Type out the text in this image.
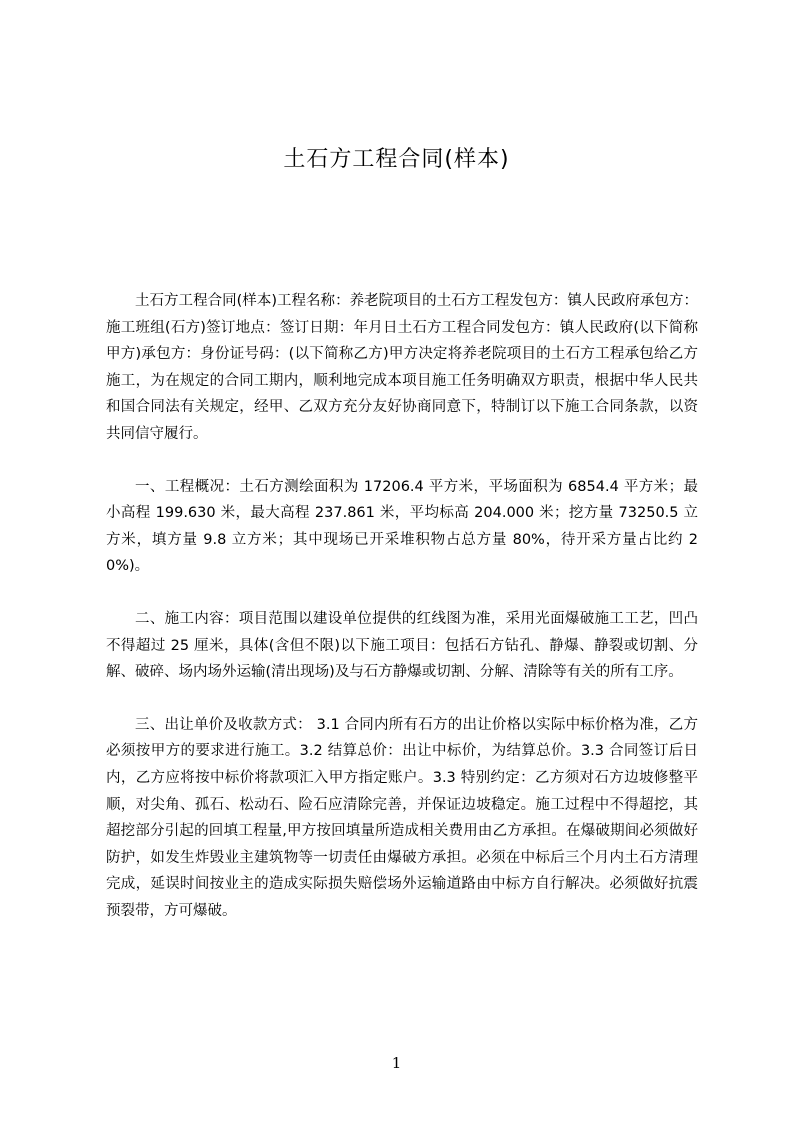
土石方工程合同(样本)

土石方工程合同(样本)工程名称：养老院项目的土石方工程发包方：镇人民政府承包方：施工班组(石方)签订地点：签订日期：年月日土石方工程合同发包方：镇人民政府(以下简称甲方)承包方：身份证号码：(以下简称乙方)甲方决定将养老院项目的土石方工程承包给乙方施工，为在规定的合同工期内，顺利地完成本项目施工任务明确双方职责，根据中华人民共和国合同法有关规定，经甲、乙双方充分友好协商同意下，特制订以下施工合同条款，以资共同信守履行。

一、工程概况：土石方测绘面积为 17206.4 平方米，平场面积为 6854.4 平方米；最小高程 199.630 米，最大高程 237.861 米，平均标高 204.000 米；挖方量 73250.5 立方米，填方量 9.8 立方米；其中现场已开采堆积物占总方量 80%，待开采方量占比约 20%)。

二、施工内容：项目范围以建设单位提供的红线图为准，采用光面爆破施工工艺，凹凸不得超过 25 厘米，具体(含但不限)以下施工项目：包括石方钻孔、静爆、静裂或切割、分解、破碎、场内场外运输(清出现场)及与石方静爆或切割、分解、清除等有关的所有工序。

三、出让单价及收款方式： 3.1 合同内所有石方的出让价格以实际中标价格为准，乙方必须按甲方的要求进行施工。3.2 结算总价：出让中标价，为结算总价。3.3 合同签订后日内，乙方应将按中标价将款项汇入甲方指定账户。3.3 特别约定：乙方须对石方边坡修整平顺，对尖角、孤石、松动石、险石应清除完善，并保证边坡稳定。施工过程中不得超挖，其超挖部分引起的回填工程量,甲方按回填量所造成相关费用由乙方承担。在爆破期间必须做好防护，如发生炸毁业主建筑物等一切责任由爆破方承担。必须在中标后三个月内土石方清理完成，延误时间按业主的造成实际损失赔偿场外运输道路由中标方自行解决。必须做好抗震预裂带，方可爆破。

1
